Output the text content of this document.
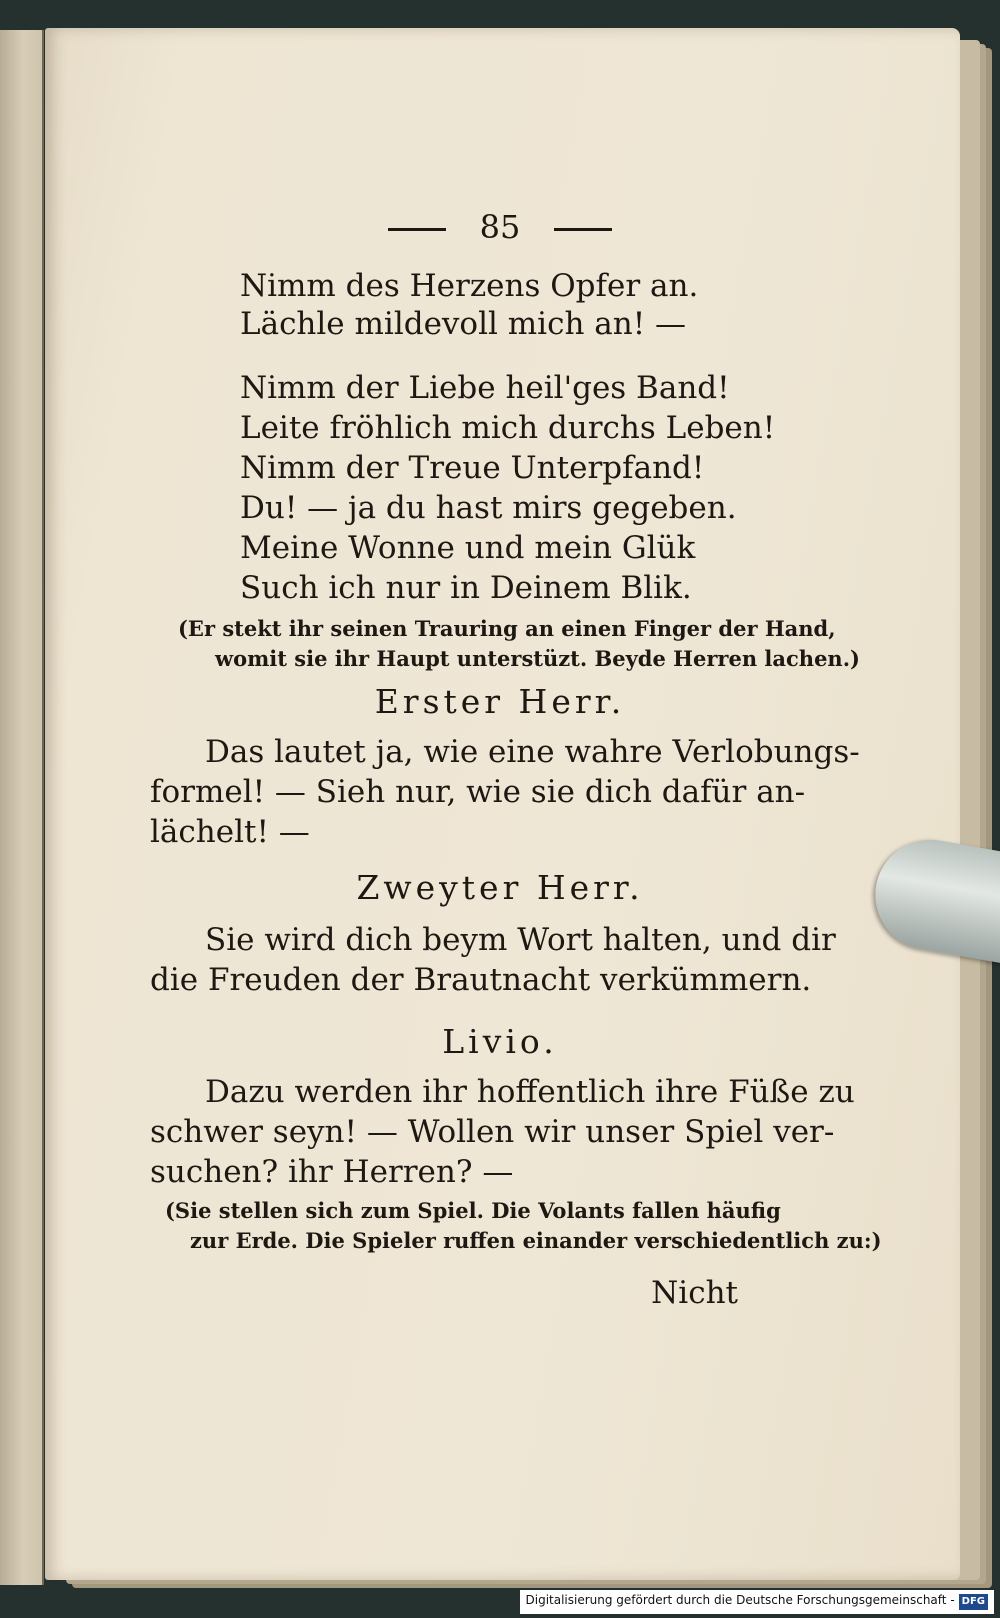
85
Nimm des Herzens Opfer an.
Lächle mildevoll mich an! —
Nimm der Liebe heil'ges Band!
Leite fröhlich mich durchs Leben!
Nimm der Treue Unterpfand!
Du! — ja du hast mirs gegeben.
Meine Wonne und mein Glük
Such ich nur in Deinem Blik.
(Er stekt ihr seinen Trauring an einen Finger der Hand,
womit sie ihr Haupt unterstüzt. Beyde Herren lachen.)
Erster Herr.
Das lautet ja, wie eine wahre Verlobungs-
formel! — Sieh nur, wie sie dich dafür an-
lächelt! —
Zweyter Herr.
Sie wird dich beym Wort halten, und dir
die Freuden der Brautnacht verkümmern.
Livio.
Dazu werden ihr hoffentlich ihre Füße zu
schwer seyn! — Wollen wir unser Spiel ver-
suchen? ihr Herren? —
(Sie stellen sich zum Spiel. Die Volants fallen häufig
zur Erde. Die Spieler ruffen einander verschiedentlich zu:)
Nicht
Digitalisierung gefördert durch die Deutsche Forschungsgemeinschaft - DFG
